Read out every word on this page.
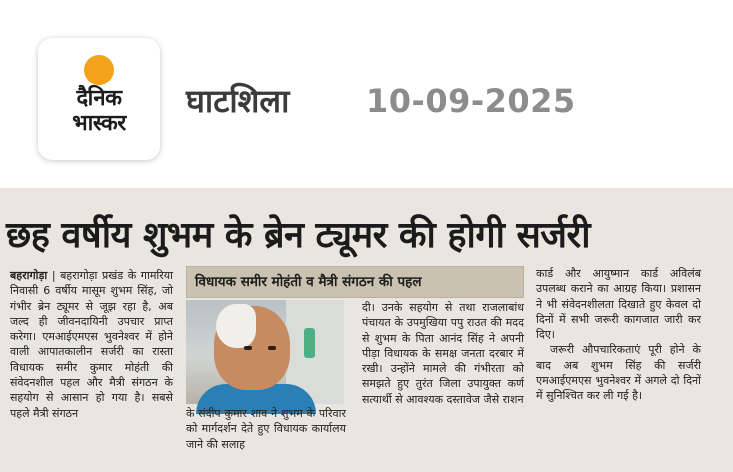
दैनिक
भास्कर
घाटशिला 10-09-2025
छह वर्षीय शुभम के ब्रेन ट्यूमर की होगी सर्जरी

बहरागोड़ा | बहरागोड़ा प्रखंड के गामरिया निवासी 6 वर्षीय मासूम शुभम सिंह, जो गंभीर ब्रेन ट्यूमर से जूझ रहा है, अब जल्द ही जीवनदायिनी उपचार प्राप्त करेगा। एमआईएमएस भुवनेश्वर में होने वाली आपातकालीन सर्जरी का रास्ता विधायक समीर कुमार मोहंती की संवेदनशील पहल और मैत्री संगठन के सहयोग से आसान हो गया है। सबसे पहले मैत्री संगठन

विधायक समीर मोहंती व मैत्री संगठन की पहल

के संदीप कुमार शाव ने शुभम के परिवार को मार्गदर्शन देते हुए विधायक कार्यालय जाने की सलाह

दी। उनके सहयोग से तथा राजलाबांध पंचायत के उपमुखिया पपु राउत की मदद से शुभम के पिता आनंद सिंह ने अपनी पीड़ा विधायक के समक्ष जनता दरबार में रखी। उन्होंने मामले की गंभीरता को समझते हुए तुरंत जिला उपायुक्त कर्ण सत्यार्थी से आवश्यक दस्तावेज जैसे राशन

कार्ड और आयुष्मान कार्ड अविलंब उपलब्ध कराने का आग्रह किया। प्रशासन ने भी संवेदनशीलता दिखाते हुए केवल दो दिनों में सभी जरूरी कागजात जारी कर दिए।

जरूरी औपचारिकताएं पूरी होने के बाद अब शुभम सिंह की सर्जरी एमआईएमएस भुवनेश्वर में अगले दो दिनों में सुनिश्चित कर ली गई है।
